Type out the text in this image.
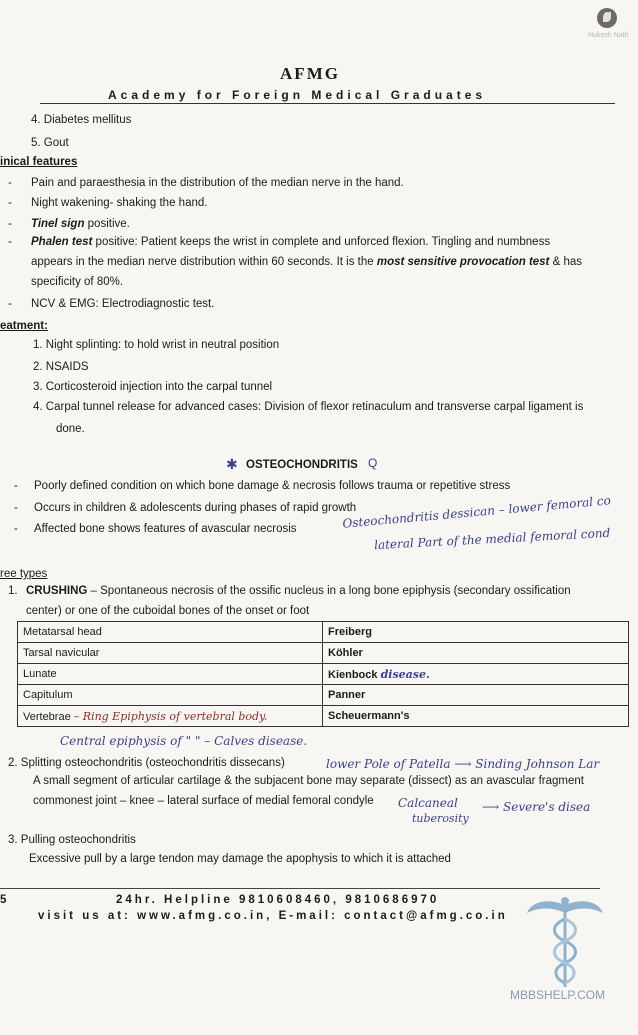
Hukesh Nath
AFMG
Academy for Foreign Medical Graduates
4. Diabetes mellitus
5. Gout
inical features
- Pain and paraesthesia in the distribution of the median nerve in the hand.
- Night wakening- shaking the hand.
- Tinel sign positive.
- Phalen test positive: Patient keeps the wrist in complete and unforced flexion. Tingling and numbness
appears in the median nerve distribution within 60 seconds. It is the most sensitive provocation test & has
specificity of 80%.
- NCV & EMG: Electrodiagnostic test.
eatment:
1. Night splinting: to hold wrist in neutral position
2. NSAIDS
3. Corticosteroid injection into the carpal tunnel
4. Carpal tunnel release for advanced cases: Division of flexor retinaculum and transverse carpal ligament is
done.
✱ OSTEOCHONDRITIS Q
- Poorly defined condition on which bone damage & necrosis follows trauma or repetitive stress
- Occurs in children & adolescents during phases of rapid growth
- Affected bone shows features of avascular necrosis	Osteochondritis dessican – lower femoral co
lateral Part of the medial femoral cond
ree types
1. CRUSHING – Spontaneous necrosis of the ossific nucleus in a long bone epiphysis (secondary ossification
center) or one of the cuboidal bones of the onset or foot
Metatarsal head	Freiberg
Tarsal navicular	Köhler
Lunate	Kienbock disease.
Capitulum	Panner
Vertebrae – Ring Epiphysis of vertebral body.	Scheuermann's
Central epiphysis of " " – Calves disease.
2. Splitting osteochondritis (osteochondritis dissecans)	lower Pole of Patella ⟶ Sinding Johnson Lar
A small segment of articular cartilage & the subjacent bone may separate (dissect) as an avascular fragment
commonest joint – knee – lateral surface of medial femoral condyle Calcaneal
tuberosity
⟶ Severe's disea
3. Pulling osteochondritis
Excessive pull by a large tendon may damage the apophysis to which it is attached
5	24hr. Helpline 9810608460, 9810686970
visit us at: www.afmg.co.in, E-mail: contact@afmg.co.in
MBBSHELP.COM
